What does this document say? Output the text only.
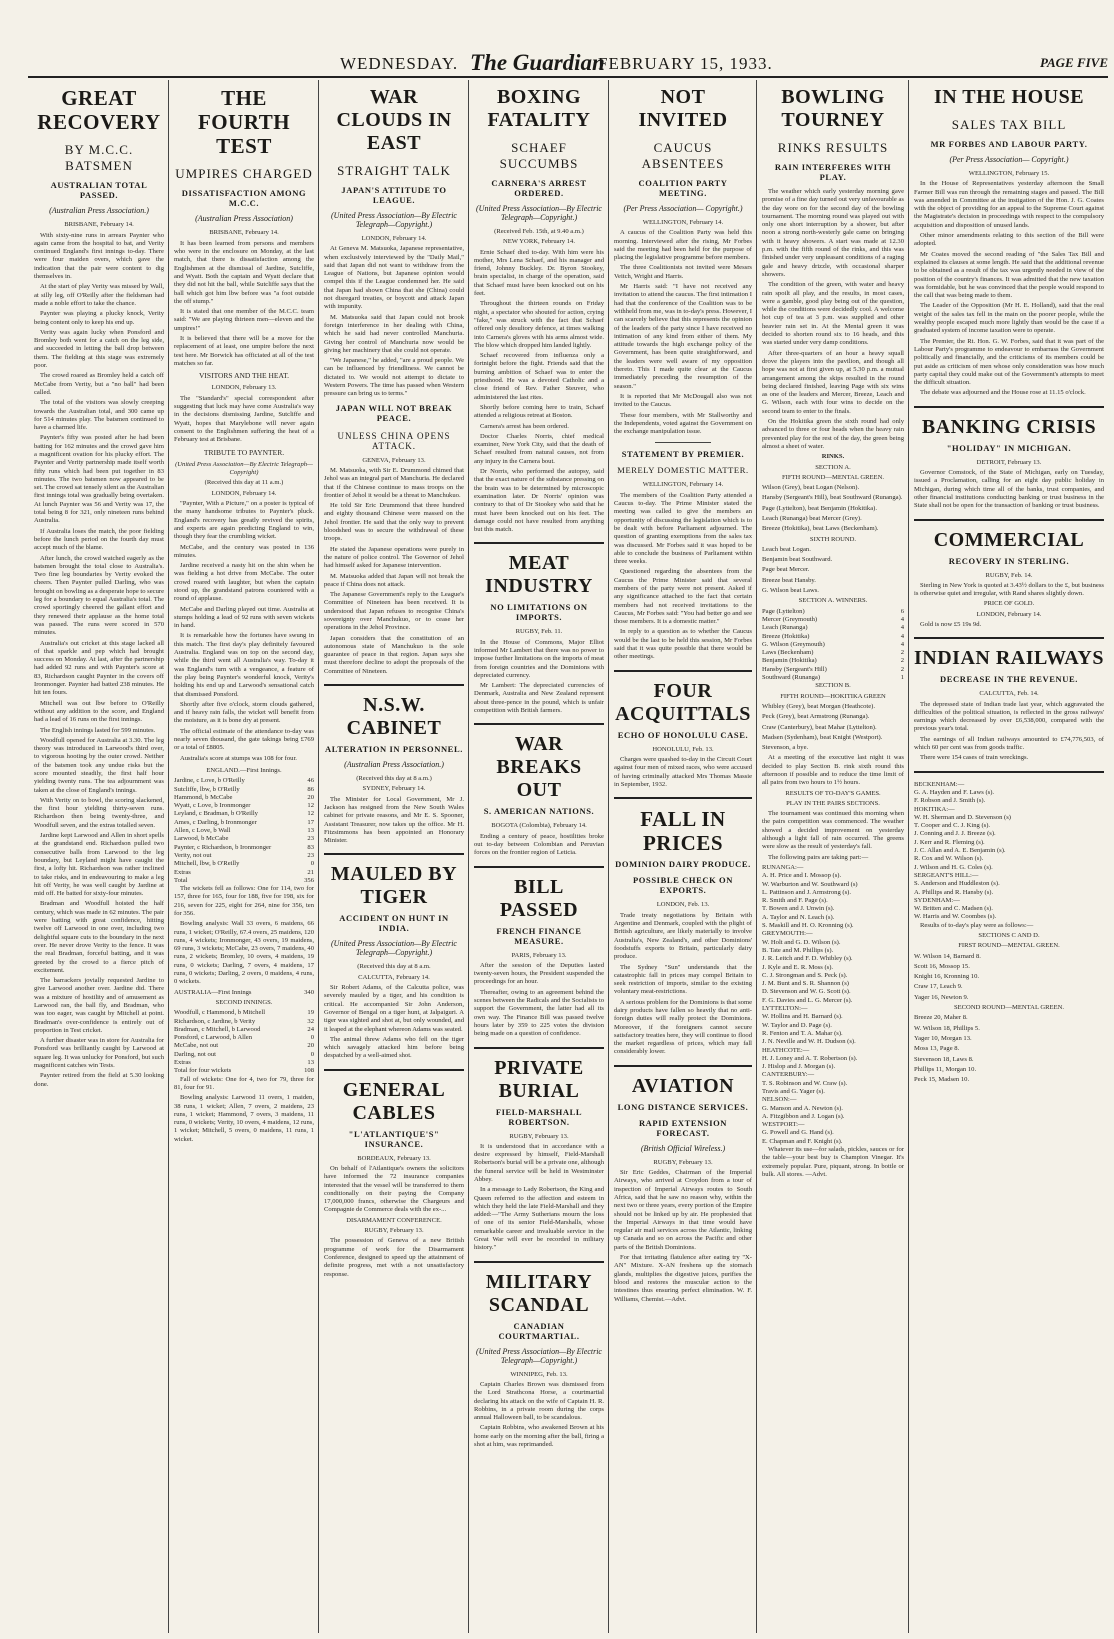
WEDNESDAY. The Guardian
FEBRUARY 15, 1933.	PAGE FIVE
GREAT RECOVERY
BY M.C.C. BATSMEN
AUSTRALIAN TOTAL PASSED.
(Australian Press Association.)

BRISBANE, February 14.

With sixty-nine runs in arrears Paynter who again came from the hospital to bat, and Verity continued England's first innings to-day. There were four maiden overs, which gave the indication that the pair were content to dig themselves in.

At the start of play Verity was missed by Wall, at silly leg, off O'Reilly after the fieldsman had made a noble effort to take the chance.

Paynter was playing a plucky knock, Verity being content only to keep his end up.

Verity was again lucky when Ponsford and Bromley both went for a catch on the leg side, and succeeded in letting the ball drop between them. The fielding at this stage was extremely poor.

The crowd roared as Bromley held a catch off McCabe from Verity, but a "no ball" had been called.

The total of the visitors was slowly creeping towards the Australian total, and 300 came up for 514 minutes play. The batsmen continued to have a charmed life.

Paynter's fifty was posted after he had been batting for 162 minutes and the crowd gave him a magnificent ovation for his plucky effort. The Paynter and Verity partnership made itself worth fifty runs which had been put together in 83 minutes. The two batsmen now appeared to be set. The crowd sat tensely silent as the Australian first innings total was gradually being overtaken. At lunch Paynter was 56 and Verity was 17, the total being 8 for 321, only nineteen runs behind Australia.

If Australia loses the match, the poor fielding before the lunch period on the fourth day must accept much of the blame.

After lunch, the crowd watched eagerly as the batsmen brought the total close to Australia's. Two fine leg boundaries by Verity evoked the cheers. Then Paynter pulled Darling, who was brought on bowling as a desperate hope to secure leg for a boundary to equal Australia's total. The crowd sportingly cheered the gallant effort and they renewed their applause as the home total was passed. The runs were scored in 570 minutes.

Australia's out cricket at this stage lacked all of that sparkle and pep which had brought success on Monday. At last, after the partnership had added 92 runs and with Paynter's score at 83, Richardson caught Paynter in the covers off Ironmonger. Paynter had batted 238 minutes. He hit ten fours.

Mitchell was out lbw before to O'Reilly without any addition to the score, and England had a lead of 16 runs on the first innings.

The English innings lasted for 599 minutes.

Woodfull opened for Australia at 3.30. The leg theory was introduced in Larwood's third over, to vigorous hooting by the outer crowd. Neither of the batsmen took any undue risks but the score mounted steadily, the first half hour yielding twenty runs. The tea adjournment was taken at the close of England's innings.

With Verity on to bowl, the scoring slackened, the first hour yielding thirty-seven runs. Richardson then being twenty-three, and Woodfull seven, and the extras totalled seven.

Jardine kept Larwood and Allen in short spells at the grandstand end. Richardson pulled two consecutive balls from Larwood to the leg boundary, but Leyland might have caught the first, a lofty hit. Richardson was rather inclined to take risks, and in endeavouring to make a leg hit off Verity, he was well caught by Jardine at mid off. He batted for sixty-four minutes.

Bradman and Woodfull hoisted the half century, which was made in 62 minutes. The pair were batting with great confidence, hitting twelve off Larwood in one over, including two delightful square cuts to the boundary in the next over. He never drove Verity to the fence. It was the real Bradman, forceful batting, and it was greeted by the crowd to a fierce pitch of excitement.

The barrackers jovially requested Jardine to give Larwood another over. Jardine did. There was a mixture of hostility and of amusement as Larwood ran, the ball fly, and Bradman, who was too eager, was caught by Mitchell at point. Bradman's over-confidence is entirely out of proportion in Test cricket.

A further disaster was in store for Australia for Ponsford was brilliantly caught by Larwood at square leg. It was unlucky for Ponsford, but such magnificent catches win Tests.

Paynter retired from the field at 5.30 looking done.

THE FOURTH TEST
UMPIRES CHARGED
DISSATISFACTION AMONG M.C.C.
(Australian Press Association)

BRISBANE, February 14.

It has been learned from persons and members who were in the enclosure on Monday, at the last match, that there is dissatisfaction among the Englishmen at the dismissal of Jardine, Sutcliffe, and Wyatt. Both the captain and Wyatt declare that they did not hit the ball, while Sutcliffe says that the ball which got him lbw before was "a foot outside the off stump."

It is stated that one member of the M.C.C. team said: "We are playing thirteen men—eleven and the umpires!"

It is believed that there will be a move for the replacement of at least, one umpire before the next test here. Mr Borwick has officiated at all of the test matches so far.

VISITORS AND THE HEAT.

LONDON, February 13.

The "Standard's" special correspondent after suggesting that luck may have come Australia's way in the decisions dismissing Jardine, Sutcliffe and Wyatt, hopes that Marylebone will never again consent to the Englishmen suffering the heat of a February test at Brisbane.

TRIBUTE TO PAYNTER.

(United Press Association—By Electric Telegraph—Copyright)

(Received this day at 11 a.m.)

LONDON, February 14.

"Paynter, With a Picture," on a poster is typical of the many handsome tributes to Paynter's pluck. England's recovery has greatly revived the spirits, and experts are again predicting England to win, though they fear the crumbling wicket.

McCabe, and the century was posted in 136 minutes.

Jardine received a nasty hit on the shin when he was fielding a hot drive from McCabe. The outer crowd roared with laughter, but when the captain stood up, the grandstand patrons countered with a round of applause.

McCabe and Darling played out time. Australia at stumps holding a lead of 92 runs with seven wickets in hand.

It is remarkable how the fortunes have swung in this match. The first day's play definitely favoured Australia. England was on top on the second day, while the third went all Australia's way. To-day it was England's turn with a vengeance, a feature of the play being Paynter's wonderful knock, Verity's holding his end up and Larwood's sensational catch that dismissed Ponsford.

Shortly after five o'clock, storm clouds gathered, and if heavy rain falls, the wicket will benefit from the moisture, as it is bone dry at present.

The official estimate of the attendance to-day was nearly seven thousand, the gate takings being £769 or a total of £8805.

Australia's score at stumps was 108 for four.

ENGLAND.—First Innings.

Jardine, c Love, b O'Reilly	46
Sutcliffe, lbw, b O'Reilly	86
Hammond, b McCabe	20
Wyatt, c Love, b Ironmonger	12
Leyland, c Bradman, b O'Reilly	12
Ames, c Darling, b Ironmonger	17
Allen, c Love, b Wall	13
Larwood, b McCabe	23
Paynter, c Richardson, b Ironmonger	83
Verity, not out	23
Mitchell, lbw, b O'Reilly	0
Extras	21
Total	356

The wickets fell as follows: One for 114, two for 157, three for 165, four for 188, five for 198, six for 216, seven for 225, eight for 264, nine for 356, ten for 356.

Bowling analysis: Wall 33 overs, 6 maidens, 66 runs, 1 wicket; O'Reilly, 67.4 overs, 25 maidens, 120 runs, 4 wickets; Ironmonger, 43 overs, 19 maidens, 69 runs, 3 wickets; McCabe, 23 overs, 7 maidens, 40 runs, 2 wickets; Bromley, 10 overs, 4 maidens, 19 runs, 0 wickets; Darling, 7 overs, 4 maidens, 17 runs, 0 wickets; Darling, 2 overs, 0 maidens, 4 runs, 0 wickets.

AUSTRALIA—First Innings	340

SECOND INNINGS.

Woodfull, c Hammond, b Mitchell	19
Richardson, c Jardine, b Verity	32
Bradman, c Mitchell, b Larwood	24
Ponsford, c Larwood, b Allen	0
McCabe, not out	20
Darling, not out	0
Extras	13
Total for four wickets	108

Fall of wickets: One for 4, two for 79, three for 81, four for 91.

Bowling analysis: Larwood 11 overs, 1 maiden, 38 runs, 1 wicket; Allen, 7 overs, 2 maidens, 23 runs, 1 wicket; Hammond, 7 overs, 3 maidens, 11 runs, 0 wickets; Verity, 10 overs, 4 maidens, 12 runs, 1 wicket; Mitchell, 5 overs, 0 maidens, 11 runs, 1 wicket.

WAR CLOUDS IN EAST
STRAIGHT TALK
JAPAN'S ATTITUDE TO LEAGUE.
(United Press Association—By Electric Telegraph—Copyright.)

LONDON, February 14.

At Geneva M. Matsuoka, Japanese representative, when exclusively interviewed by the "Daily Mail," said that Japan did not want to withdraw from the League of Nations, but Japanese opinion would compel this if the League condemned her. He said that Japan had shown China that she (China) could not disregard treaties, or boycott and attack Japan with impunity.

M. Matsuoka said that Japan could not brook foreign interference in her dealing with China, which he said had never controlled Manchuria. Giving her control of Manchuria now would be giving her machinery that she could not operate.

"We Japanese," he added, "are a proud people. We can be influenced by friendliness. We cannot be dictated to. We would not attempt to dictate to Western Powers. The time has passed when Western pressure can bring us to terms."

JAPAN WILL NOT BREAK PEACE.
UNLESS CHINA OPENS ATTACK.

GENEVA, February 13.

M. Matsuoka, with Sir E. Drummond chimed that Jehol was an integral part of Manchuria. He declared that if the Chinese continue to mass troops on the frontier of Jehol it would be a threat to Manchukuo.

He told Sir Eric Drummond that three hundred and eighty thousand Chinese were massed on the Jehol frontier. He said that the only way to prevent bloodshed was to secure the withdrawal of these troops.

He stated the Japanese operations were purely in the nature of police control. The Governor of Jehol had himself asked for Japanese intervention.

M. Matsuoka added that Japan will not break the peace if China does not attack.

The Japanese Government's reply to the League's Committee of Nineteen has been received. It is understood that Japan refuses to recognise China's sovereignty over Manchukuo, or to cease her operations in the Jehol Province.

Japan considers that the constitution of an autonomous state of Manchukuo is the sole guarantee of peace in that region. Japan says she must therefore decline to adopt the proposals of the Committee of Nineteen.

N.S.W. CABINET
ALTERATION IN PERSONNEL.
(Australian Press Association.)

(Received this day at 8 a.m.)

SYDNEY, February 14.

The Minister for Local Government, Mr J. Jackson has resigned from the New South Wales cabinet for private reasons, and Mr E. S. Spooner, Assistant Treasurer, now takes up the office. Mr H. Fitzsimmons has been appointed an Honorary Minister.

MAULED BY TIGER
ACCIDENT ON HUNT IN INDIA.
(United Press Association—By Electric Telegraph—Copyright.)

(Received this day at 8 a.m.

CALCUTTA, February 14.

Sir Robert Adams, of the Calcutta police, was severely mauled by a tiger, and his condition is critical. He accompanied Sir John Anderson, Governor of Bengal on a tiger hunt, at Jalpaiguri. A tiger was sighted and shot at, but only wounded, and it leaped at the elephant whereon Adams was seated.

The animal threw Adams who fell on the tiger which savagely attacked him before being despatched by a well-aimed shot.

GENERAL CABLES
"L'ATLANTIQUE'S" INSURANCE.

BORDEAUX, February 13.

On behalf of l'Atlantique's owners the solicitors have informed the 72 insurance companies interested that the vessel will be transferred to them conditionally on their paying the Company 17,000,000 francs, otherwise the Chargeurs and Compagnie de Commerce deals with the ex-...

DISARMAMENT CONFERENCE.

RUGBY, February 13.

The possession of Geneva of a new British programme of work for the Disarmament Conference, designed to speed up the attainment of definite progress, met with a not unsatisfactory response.

BOXING FATALITY
SCHAEF SUCCUMBS
CARNERA'S ARREST ORDERED.
(United Press Association—By Electric Telegraph—Copyright.)

(Received Feb. 15th, at 9.40 a.m.)

NEW YORK, February 14.

Ernie Schaef died to-day. With him were his mother, Mrs Lena Schaef, and his manager and friend, Johnny Buckley. Dr. Byron Stookey, brain specialist, in charge of the operation, said that Schaef must have been knocked out on his feet.

Throughout the thirteen rounds on Friday night, a spectator who shouted for action, crying "fake," was struck with the fact that Schaef offered only desultory defence, at times walking into Carnera's gloves with his arms almost wide. The blow which dropped him landed lightly.

Schaef recovered from influenza only a fortnight before the fight. Friends said that the burning ambition of Schaef was to enter the priesthood. He was a devoted Catholic and a close friend of Rev. Father Steuver, who administered the last rites.

Shortly before coming here to train, Schaef attended a religious retreat at Boston.

Carnera's arrest has been ordered.

Doctor Charles Norris, chief medical examiner, New York City, said that the death of Schaef resulted from natural causes, not from any injury in the Carnera bout.

Dr Norris, who performed the autopsy, said that the exact nature of the substance pressing on the brain was to be determined by microscopic examination later. Dr Norris' opinion was contrary to that of Dr Stookey who said that he must have been knocked out on his feet. The damage could not have resulted from anything but this match.

MEAT INDUSTRY
NO LIMITATIONS ON IMPORTS.

RUGBY, Feb. 11.

In the House of Commons, Major Elliot informed Mr Lambert that there was no power to impose further limitations on the imports of meat from foreign countries and the Dominions with depreciated currency.

Mr Lambert: The depreciated currencies of Denmark, Australia and New Zealand represent about three-pence in the pound, which is unfair competition with British farmers.

WAR BREAKS OUT
S. AMERICAN NATIONS.

BOGOTA (Colombia), February 14.

Ending a century of peace, hostilities broke out to-day between Colombian and Peruvian forces on the frontier region of Leticia.

BILL PASSED
FRENCH FINANCE MEASURE.

PARIS, February 13.

After the session of the Deputies lasted twenty-seven hours, the President suspended the proceedings for an hour.

Thereafter, owing to an agreement behind the scenes between the Radicals and the Socialists to support the Government, the latter had all its own way. The Finance Bill was passed twelve hours later by 359 to 225 votes the division being made on a question of confidence.

PRIVATE BURIAL
FIELD-MARSHALL ROBERTSON.

RUGBY, February 13.

It is understood that in accordance with a desire expressed by himself, Field-Marshall Robertson's burial will be a private one, although the funeral service will be held in Westminster Abbey.

In a message to Lady Robertson, the King and Queen referred to the affection and esteem in which they held the late Field-Marshall and they added:—"The Army Sutherians mourn the loss of one of its senior Field-Marshalls, whose remarkable career and invaluable service in the Great War will ever be recorded in military history."

MILITARY SCANDAL
CANADIAN COURTMARTIAL.
(United Press Association—By Electric Telegraph—Copyright.)

WINNIPEG, Feb. 13.

Captain Charles Brown was dismissed from the Lord Strathcona Horse, a courtmartial declaring his attack on the wife of Captain H. R. Robbins, in a private room during the corps annual Halloween ball, to be scandalous.

Captain Robbins, who awakened Brown at his home early on the morning after the ball, firing a shot at him, was reprimanded.

NOT INVITED
CAUCUS ABSENTEES
COALITION PARTY MEETING.
(Per Press Association— Copyright.)

WELLINGTON, February 14.

A caucus of the Coalition Party was held this morning. Interviewed after the rising, Mr Forbes said the meeting had been held for the purpose of placing the legislative programme before members.

The three Coalitionists not invited were Messrs Veitch, Wright and Harris.

Mr Harris said: "I have not received any invitation to attend the caucus. The first intimation I had that the conference of the Coalition was to be withheld from me, was in to-day's press. However, I can scarcely believe that this represents the opinion of the leaders of the party since I have received no intimation of any kind from either of them. My attitude towards the high exchange policy of the Government, has been quite straightforward, and the leaders were well aware of my opposition thereto. This I made quite clear at the Caucus immediately preceding the resumption of the season."

It is reported that Mr McDougall also was not invited to the Caucus.

These four members, with Mr Stallworthy and the Independents, voted against the Government on the exchange manipulation issue.

STATEMENT BY PREMIER.
MERELY DOMESTIC MATTER.

WELLINGTON, February 14.

The members of the Coalition Party attended a Caucus to-day. The Prime Minister stated the meeting was called to give the members an opportunity of discussing the legislation which is to be dealt with before Parliament adjourned. The question of granting exemptions from the sales tax was discussed. Mr Forbes said it was hoped to be able to conclude the business of Parliament within three weeks.

Questioned regarding the absentees from the Caucus the Prime Minister said that several members of the party were not present. Asked if any significance attached to the fact that certain members had not received invitations to the Caucus, Mr Forbes said: "You had better go and see those members. It is a domestic matter."

In reply to a question as to whether the Caucus would be the last to be held this session, Mr Forbes said that it was quite possible that there would be other meetings.

FOUR ACQUITTALS
ECHO OF HONOLULU CASE.

HONOLULU, Feb. 13.

Charges were quashed to-day in the Circuit Court against four men of mixed races, who were accused of having criminally attacked Mrs Thomas Massie in September, 1932.

FALL IN PRICES
DOMINION DAIRY PRODUCE.
POSSIBLE CHECK ON EXPORTS.

LONDON, Feb. 13.

Trade treaty negotiations by Britain with Argentine and Denmark, coupled with the plight of British agriculture, are likely materially to involve Australia's, New Zealand's, and other Dominions' foodstuffs exports to Britain, particularly dairy produce.

The Sydney "Sun" understands that the catastrophic fall in prices may compel Britain to seek restriction of imports, similar to the existing voluntary meat-restrictions.

A serious problem for the Dominions is that some dairy products have fallen so heavily that no anti-foreign duties will really protect the Dominions. Moreover, if the foreigners cannot secure satisfactory treaties here, they will continue to flood the market regardless of prices, which may fall considerably lower.

AVIATION
LONG DISTANCE SERVICES.
RAPID EXTENSION FORECAST.
(British Official Wireless.)

RUGBY, February 13.

Sir Eric Geddes, Chairman of the Imperial Airways, who arrived at Croydon from a tour of inspection of Imperial Airways routes to South Africa, said that he saw no reason why, within the next two or three years, every portion of the Empire should not be linked up by air. He prophesied that the Imperial Airways in that time would have regular air mail services across the Atlantic, linking up Canada and so on across the Pacific and other parts of the British Dominions.

For that irritating flatulence after eating try "X-AN" Mixture. X-AN freshens up the stomach glands, multiplies the digestive juices, purifies the blood and restores the muscular action to the intestines thus ensuring perfect elimination. W. F. Williams, Chemist.—Advt.

BOWLING TOURNEY
RINKS RESULTS
RAIN INTERFERES WITH PLAY.

The weather which early yesterday morning gave promise of a fine day turned out very unfavourable as the day wore on for the second day of the bowling tournament. The morning round was played out with only one short interruption by a shower, but after noon a strong north-westerly gale came on bringing with it heavy showers. A start was made at 12.30 p.m. with the fifth round of the rinks, and this was finished under very unpleasant conditions of a raging gale and heavy drizzle, with occasional sharper showers.

The condition of the green, with water and heavy rain spoilt all play, and the results, in most cases, were a gamble, good play being out of the question, while the conditions were decidedly cool. A welcome hot cup of tea at 3 p.m. was supplied and other heavier rain set in. At the Mental green it was decided to shorten round six to 16 heads, and this was started under very damp conditions.

After three-quarters of an hour a heavy squall drove the players into the pavilion, and though all hope was not at first given up, at 5.30 p.m. a mutual arrangement among the skips resulted in the round being declared finished, leaving Page with six wins as one of the leaders and Mercer, Breeze, Leach and G. Wilson, each with four wins to decide on the second team to enter to the finals.

On the Hokitika green the sixth round had only advanced to three or four heads when the heavy rain prevented play for the rest of the day, the green being almost a sheet of water.

RINKS.

SECTION A.

FIFTH ROUND—MENTAL GREEN.

Wilson (Grey), beat Logan (Nelson).

Hansby (Sergeant's Hill), beat Southward (Runanga).

Page (Lyttelton), beat Benjamin (Hokitika).

Leach (Runanga) beat Mercer (Grey).

Breeze (Hokitika), beat Laws (Beckenham).

SIXTH ROUND.

Leach beat Logan.

Benjamin beat Southward.

Page beat Mercer.

Breeze beat Hansby.

G. Wilson beat Laws.

SECTION A. WINNERS.

Page (Lyttelton)	6
Mercer (Greymouth)	4
Leach (Runanga)	4
Breeze (Hokitika)	4
G. Wilson (Greymouth)	4
Laws (Beckenham)	2
Benjamin (Hokitika)	2
Hansby (Sergeant's Hill)	2
Southward (Runanga)	1

SECTION B.

FIFTH ROUND—HOKITIKA GREEN

Whibley (Grey), beat Morgan (Heathcote).

Peck (Grey), beat Armstrong (Runanga).

Craw (Canterbury), beat Mahar (Lyttelton).

Madsen (Sydenham), beat Knight (Westport).

Stevenson, a bye.

At a meeting of the executive last night it was decided to play Section B. rink sixth round this afternoon if possible and to reduce the time limit of all pairs from two hours to 1½ hours.

RESULTS OF TO-DAY'S GAMES.

PLAY IN THE PAIRS SECTIONS.

The tournament was continued this morning when the pairs competition was commenced. The weather showed a decided improvement on yesterday although a light fall of rain occurred. The greens were slow as the result of yesterday's fall.

The following pairs are taking part:—

RUNANGA:—

A. H. Price and I. Mossop (s).

W. Warburton and W. Southward (s)

L. Pattinson and J. Armstrong (s).

R. Smith and F. Page (s).

T. Bowen and J. Unwin (s).

A. Taylor and N. Leach (s).

S. Maskill and H. O. Kronning (s).

GREYMOUTH:—

W. Holt and G. D. Wilson (s).

B. Tate and M. Phillips (s).

J. R. Leitch and F. D. Whibley (s).

J. Kyle and E. R. Moss (s).

C. J. Strongman and S. Peck (s).

J. M. Bunt and S. R. Shannon (s)

D. Stevenson and W. G. Scott (s).

F. G. Davies and L. G. Mercer (s).

LYTTELTON:—

W. Hollins and H. Barnard (s).

W. Taylor and D. Page (s).

R. Fenton and T. A. Mahar (s).

J. N. Neville and W. H. Dudson (s).

HEATHCOTE:—

H. J. Loney and A. T. Robertson (s).

J. Hislop and J. Morgan (s).

CANTERBURY:—

T. S. Robinson and W. Craw (s).

Travis and G. Yager (s).

NELSON:—

G. Manson and A. Newton (s).

A. Fitzgibbon and J. Logan (s).

WESTPORT:—

G. Powell and G. Hand (s).

E. Chapman and F. Knight (s).

Whatever its use—for salads, pickles, sauces or for the table—your best buy is Champion Vinegar. It's extremely popular. Pure, piquant, strong. In bottle or bulk. All stores. —Advt.

IN THE HOUSE
SALES TAX BILL
MR FORBES AND LABOUR PARTY.
(Per Press Association— Copyright.)

WELLINGTON, February 15.

In the House of Representatives yesterday afternoon the Small Farmer Bill was run through the remaining stages and passed. The Bill was amended in Committee at the instigation of the Hon. J. G. Coates with the object of providing for an appeal to the Supreme Court against the Magistrate's decision in proceedings with respect to the compulsory acquisition and disposition of unused lands.

Other minor amendments relating to this section of the Bill were adopted.

Mr Coates moved the second reading of "the Sales Tax Bill and explained its clauses at some length. He said that the additional revenue to be obtained as a result of the tax was urgently needed in view of the position of the country's finances. It was admitted that the new taxation was formidable, but he was convinced that the people would respond to the call that was being made to them.

The Leader of the Opposition (Mr H. E. Holland), said that the real weight of the sales tax fell in the main on the poorer people, while the wealthy people escaped much more lightly than would be the case if a graduated system of income taxation were to operate.

The Premier, the Rt. Hon. G. W. Forbes, said that it was part of the Labour Party's programme to endeavour to embarrass the Government politically and financially, and the criticisms of its members could be put aside as criticism of men whose only consideration was how much party capital they could make out of the Government's attempts to meet the difficult situation.

The debate was adjourned and the House rose at 11.15 o'clock.

BANKING CRISIS
"HOLIDAY" IN MICHIGAN.

DETROIT, February 13.

Governor Comstock, of the State of Michigan, early on Tuesday, issued a Proclamation, calling for an eight day public holiday in Michigan, during which time all of the banks, trust companies, and other financial institutions conducting banking or trust business in the State shall not be open for the transaction of banking or trust business.

COMMERCIAL
RECOVERY IN STERLING.

RUGBY, Feb. 14.

Sterling in New York is quoted at 3.43½ dollars to the £, but business is otherwise quiet and irregular, with Rand shares slightly down.

PRICE OF GOLD.

LONDON, February 14.

Gold is now £5 19s 9d.

INDIAN RAILWAYS
DECREASE IN THE REVENUE.

CALCUTTA, Feb. 14.

The depressed state of Indian trade last year, which aggravated the difficulties of the political situation, is reflected in the gross railways' earnings which decreased by over £6,538,000, compared with the previous year's total.

The earnings of all Indian railways amounted to £74,776,503, of which 60 per cent was from goods traffic.

There were 154 cases of train wreckings.

BECKENHAM:—

G. A. Hayden and F. Laws (s).

F. Robson and J. Smith (s).

HOKITIKA:—

W. H. Sherman and D. Stevenson (s)

T. Cooper and C. J. King (s).

J. Conning and J. J. Breeze (s).

J. Kerr and R. Fleming (s).

J. C. Allan and A. E. Benjamin (s).

R. Cox and W. Wilson (s).

J. Wilson and H. G. Coles (s).

SERGEANT'S HILL:—

S. Anderson and Huddleston (s).

A. Phillips and R. Hansby (s).

SYDENHAM:—

W. Britten and C. Madsen (s).

W. Harris and W. Coombes (s).

Results of to-day's play were as follows:—

SECTIONS C AND D.

FIRST ROUND—MENTAL GREEN.

W. Wilson 14, Barnard 8.

Scott 16, Mossop 15.

Knight 16, Kronning 10.

Craw 17, Leach 9.

Yager 16, Newton 9.

SECOND ROUND—MENTAL GREEN.

Breeze 20, Maher 8.

W. Wilson 18, Phillips 5.

Yager 10, Morgan 13.

Moss 13, Page 8.

Stevenson 18, Laws 8.

Phillips 11, Morgan 10.

Peck 15, Madsen 10.
